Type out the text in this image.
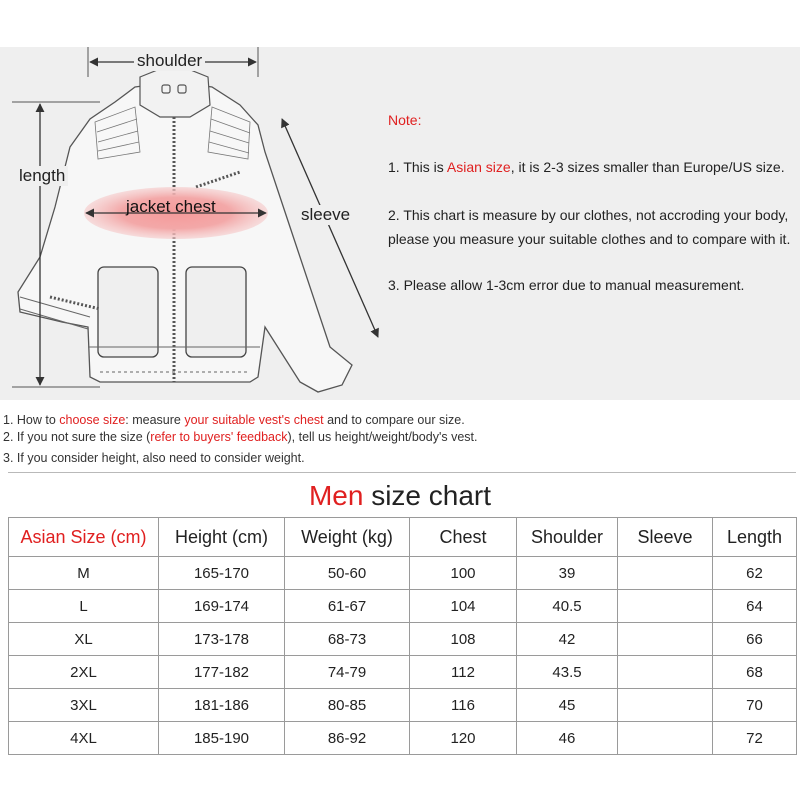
shoulder
length
sleeve
jacket chest

Note:

1. This is Asian size, it is 2-3 sizes smaller than Europe/US size.

2. This chart is measure by our clothes, not accroding your body,

please you measure your suitable clothes and to compare with it.

3. Please allow 1-3cm error due to manual measurement.

1. How to choose size: measure your suitable vest's chest and to compare our size.
2. If you not sure the size (refer to buyers' feedback), tell us height/weight/body's vest.
3. If you consider height, also need to consider weight.
Men size chart
Asian Size (cm)	Height (cm)	Weight (kg)	Chest	Shoulder	Sleeve	Length
M	165-170	50-60	100	39		62
L	169-174	61-67	104	40.5		64
XL	173-178	68-73	108	42		66
2XL	177-182	74-79	112	43.5		68
3XL	181-186	80-85	116	45		70
4XL	185-190	86-92	120	46		72
